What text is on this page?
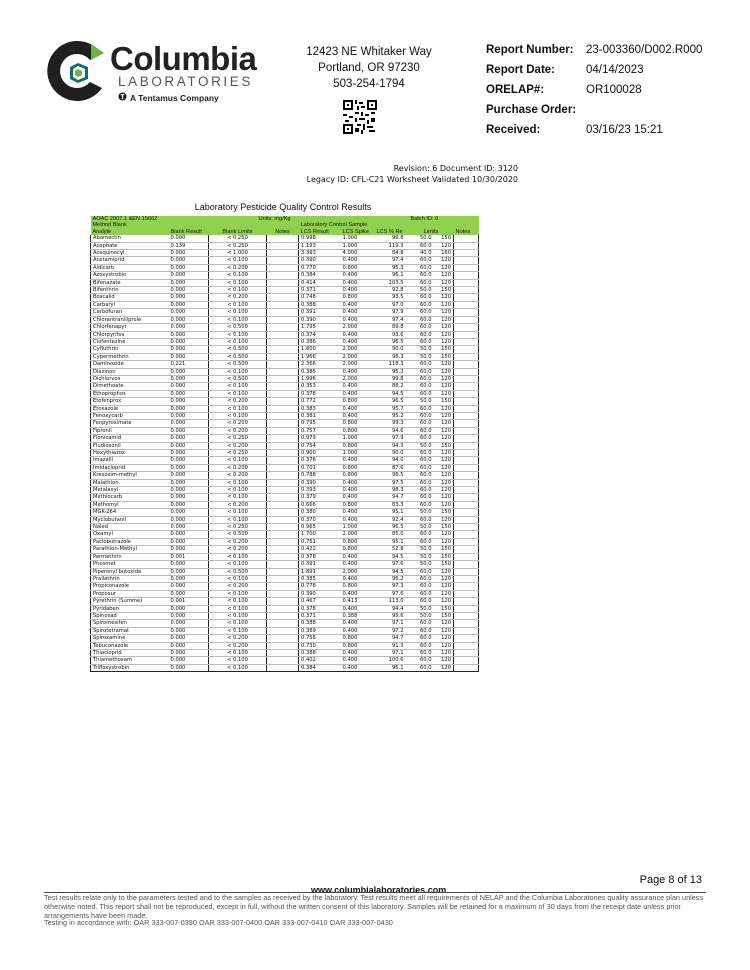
Columbia
LABORATORIES
A Tentamus Company
12423 NE Whitaker Way
Portland, OR 97230
503-254-1794
Report Number: 23-003360/D002.R000
Report Date:	04/14/2023
ORELAP#:	OR100028
Purchase Order:
Received:	03/16/23 15:21
Revision: 6 Document ID: 3120
Legacy ID: CFL-C21 Worksheet Validated 10/30/2020
Laboratory Pesticide Quality Control Results
AOAC 2007.1 &EN 15662		Units: mg/Kg					Batch ID: 0		
Method Blank				Laboratory Control Sample					
Analyte	Blank Result	Blank Limits	Notes	LCS Result	LCS Spike	LCS % Re	Limits		Notes
Abamectin	0.000	< 0.250		0.998	1.000	99.8	50.0	150	
Acephate	0.139	< 0.250		1.193	1.000	119.3	60.0	120	
Acequinocyl	0.000	< 1.000		3.393	4.000	84.8	40.0	160	
Acetamiprid	0.000	< 0.100		0.390	0.400	97.4	60.0	120	
Aldicarb	0.000	< 0.200		0.770	0.800	96.3	60.0	120	
Azoxystrobin	0.000	< 0.100		0.384	0.400	96.1	60.0	120	
Bifenazate	0.000	< 0.100		0.414	0.400	103.5	60.0	120	
Bifenthrin	0.000	< 0.100		0.371	0.400	92.8	50.0	150	
Boscalid	0.000	< 0.200		0.748	0.800	93.5	60.0	120	
Carbaryl	0.000	< 0.100		0.388	0.400	97.0	60.0	120	
Carbofuran	0.000	< 0.100		0.391	0.400	97.9	60.0	120	
Chlorantraniliprole	0.000	< 0.100		0.390	0.400	97.4	60.0	120	
Chlorfenapyr	0.000	< 0.500		1.795	2.000	89.8	60.0	120	
Chlorpyrifos	0.000	< 0.100		0.374	0.400	93.6	60.0	120	
Clofentezine	0.000	< 0.100		0.386	0.400	96.5	60.0	120	
Cyfluthrin	0.000	< 0.500		1.800	2.000	90.0	50.0	150	
Cypermethrin	0.000	< 0.500		1.966	2.000	98.3	50.0	150	
Daminozide	0.221	< 0.500		2.366	2.000	118.3	60.0	120	
Diazinon	0.000	< 0.100		0.385	0.400	96.2	60.0	120	
Dichlorvos	0.000	< 0.500		1.996	2.000	99.8	60.0	120	
Dimethoate	0.000	< 0.100		0.353	0.400	88.2	60.0	120	
Ethoprophos	0.000	< 0.100		0.378	0.400	94.5	60.0	120	
Etofenprox	0.000	< 0.200		0.772	0.800	96.5	50.0	150	
Etoxazole	0.000	< 0.100		0.383	0.400	95.7	60.0	120	
Fenoxycarb	0.000	< 0.100		0.381	0.400	95.2	60.0	120	
Fenpyroximate	0.000	< 0.200		0.795	0.800	99.3	60.0	120	
Fipronil	0.000	< 0.200		0.757	0.800	94.6	60.0	120	
Flonicamid	0.000	< 0.250		0.979	1.000	97.9	60.0	120	
Fludioxonil	0.000	< 0.200		0.754	0.800	94.3	50.0	150	
Hexythiazox	0.000	< 0.250		0.900	1.000	90.0	60.0	120	
Imazalil	0.000	< 0.100		0.376	0.400	94.0	60.0	120	
Imidacloprid	0.000	< 0.200		0.701	0.800	87.6	60.0	120	
Kresoxim-methyl	0.000	< 0.200		0.788	0.800	98.5	60.0	120	
Malathion	0.000	< 0.100		0.390	0.400	97.5	60.0	120	
Metalaxyl	0.000	< 0.100		0.393	0.400	98.3	60.0	120	
Methiocarb	0.000	< 0.100		0.379	0.400	94.7	60.0	120	
Methomyl	0.000	< 0.200		0.666	0.800	83.3	60.0	120	
MGK-264	0.000	< 0.100		0.380	0.400	95.1	50.0	150	
Myclobutanil	0.000	< 0.100		0.370	0.400	92.4	60.0	120	
Naled	0.000	< 0.250		0.965	1.000	96.5	50.0	150	
Oxamyl	0.000	< 0.500		1.700	2.000	85.0	60.0	120	
Paclobutrazole	0.000	< 0.200		0.761	0.800	95.1	60.0	120	
Parathion-Methyl	0.000	< 0.200		0.422	0.800	52.8	50.0	150	
Permethrin	0.001	< 0.100		0.378	0.400	94.5	50.0	150	
Phosmet	0.000	< 0.100		0.391	0.400	97.6	50.0	150	
Piperonyl butoxide	0.000	< 0.500		1.891	2.000	94.5	60.0	120	
Prallethrin	0.000	< 0.100		0.385	0.400	96.2	60.0	120	
Propiconazole	0.000	< 0.200		0.778	0.800	97.3	60.0	120	
Propoxur	0.000	< 0.100		0.390	0.400	97.6	60.0	120	
Pyrethrin (Summe)	0.001	< 0.100		0.467	0.413	113.0	60.0	120	
Pyridaben	0.000	< 0.100		0.378	0.400	94.4	50.0	150	
Spinosad	0.000	< 0.100		0.371	0.388	95.6	50.0	150	
Spiromesifen	0.000	< 0.100		0.388	0.400	97.1	60.0	120	
Spirotetramat	0.000	< 0.100		0.389	0.400	97.2	60.0	120	
Spiroxamine	0.000	< 0.200		0.758	0.800	94.7	60.0	120	
Tebuconazole	0.000	< 0.200		0.730	0.800	91.3	60.0	120	
Thiacloprid	0.000	< 0.100		0.388	0.400	97.1	60.0	120	
Thiamethoxam	0.000	< 0.100		0.402	0.400	100.6	60.0	120	
Trifloxystrobin	0.000	< 0.100		0.384	0.400	96.1	60.0	120	
Page 8 of 13
www.columbialaboratories.com
Test results relate only to the parameters tested and to the samples as received by the laboratory. Test results meet all requirements of NELAP and the Columbia Laboratories quality assurance plan unless otherwise noted. This report shall not be reproduced, except in full, without the written consent of this laboratory. Samples will be retained for a maximum of 30 days from the receipt date unless prior arrangements have been made.
Testing in accordance with: OAR 333-007-0390 OAR 333-007-0400 OAR 333-007-0410 OAR 333-007-0430
